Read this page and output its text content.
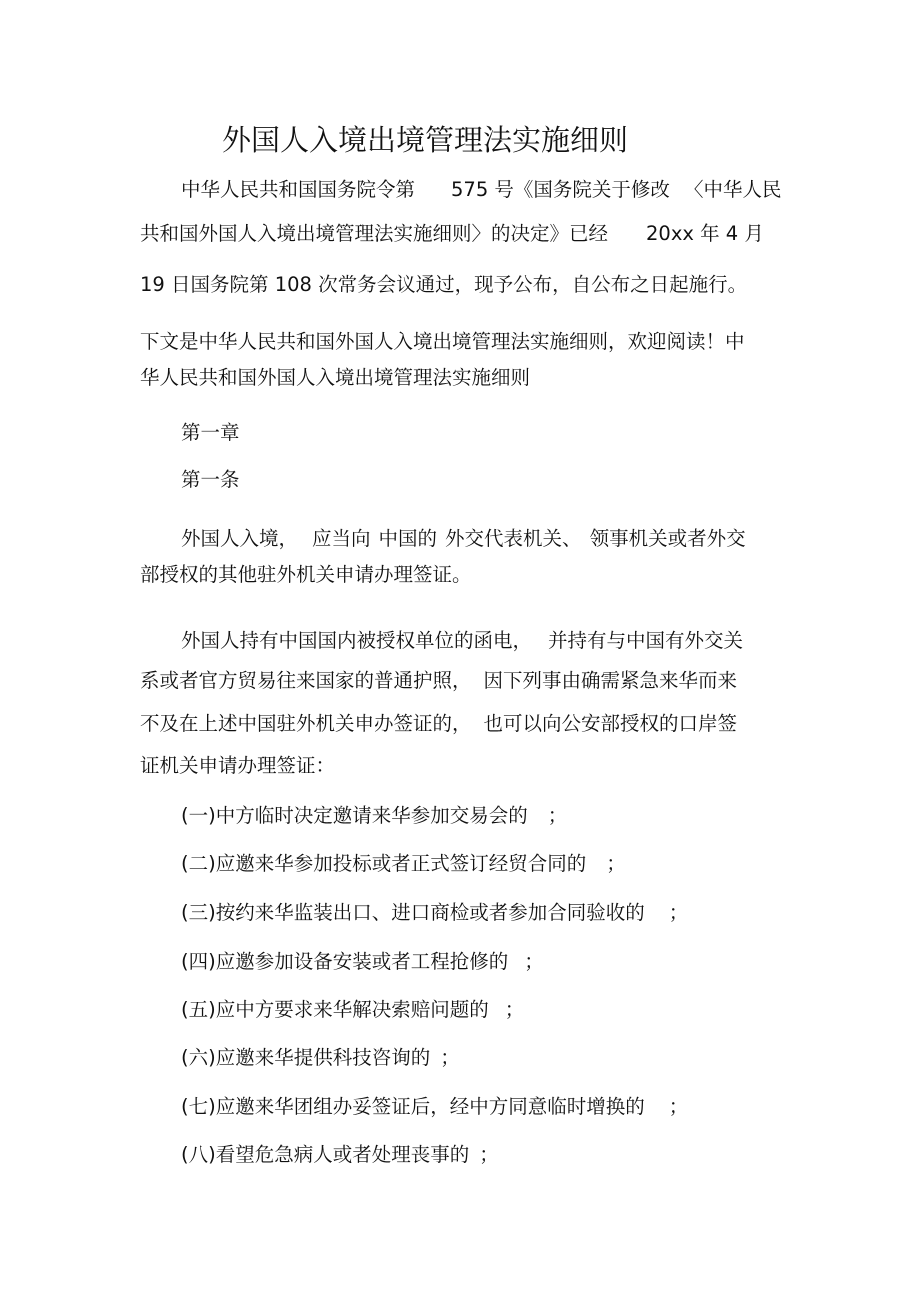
外国人入境出境管理法实施细则
中华人民共和国国务院令第 575 号《国务院关于修改 〈中华人民
共和国外国人入境出境管理法实施细则〉的决定》已经 20xx 年 4 月
19 日国务院第 108 次常务会议通过，现予公布，自公布之日起施行。
下文是中华人民共和国外国人入境出境管理法实施细则，欢迎阅读！中
华人民共和国外国人入境出境管理法实施细则
第一章
第一条
外国人入境， 应当向 中国的 外交代表机关、 领事机关或者外交
部授权的其他驻外机关申请办理签证。
外国人持有中国国内被授权单位的函电， 并持有与中国有外交关
系或者官方贸易往来国家的普通护照， 因下列事由确需紧急来华而来
不及在上述中国驻外机关申办签证的， 也可以向公安部授权的口岸签
证机关申请办理签证：
(一)中方临时决定邀请来华参加交易会的 ；
(二)应邀来华参加投标或者正式签订经贸合同的 ；
(三)按约来华监装出口、进口商检或者参加合同验收的 ；
(四)应邀参加设备安装或者工程抢修的 ；
(五)应中方要求来华解决索赔问题的 ；
(六)应邀来华提供科技咨询的 ；
(七)应邀来华团组办妥签证后，经中方同意临时增换的 ；
(八)看望危急病人或者处理丧事的 ；
